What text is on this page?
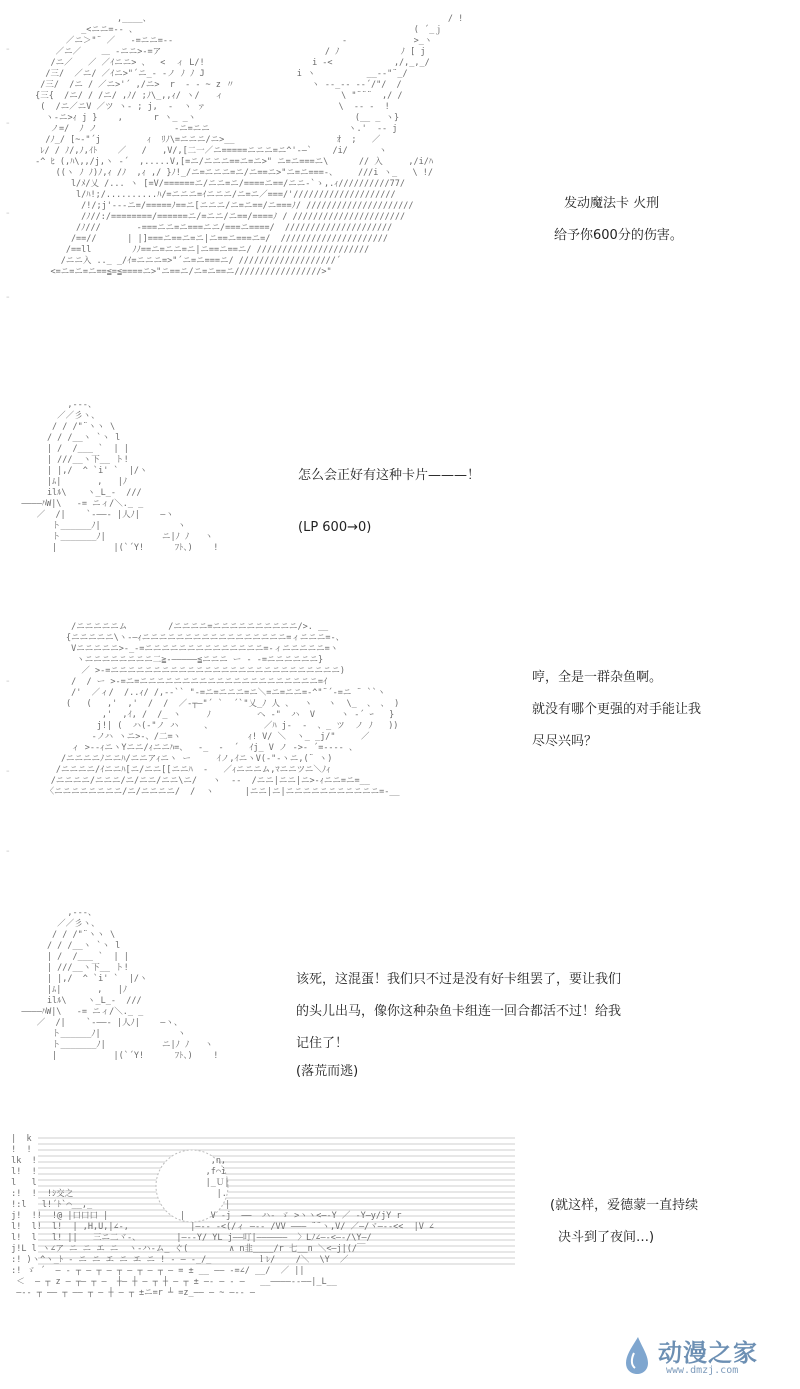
,____、                                                          / !
_<ニニ=-‐ 、                                                      ( ´_ｊ
／ニ＞"¨ ／   ‐=ニニ=--                                 -             >_ヽ
／ニ／    ＿ -ニニ>‐=ア                                / ﾉ            ﾉ [ j
/ニ／   ／ ／ｲニニ> 、  <  ィ L/!                     i -<            ,/,_,_/
/三/  ／ニ/ ／ｲニ>"´ニ_‐ ‐ノ ﾉ ﾉ J                  i ヽ          __-‐"¨_/
/三/  /ニ / ／ニ>'´ ,/ニ>  r  ‐ ‐ ~ z 〃               ヽ ‐‐_‐- -‐´/"/  /
{三{  /ニ/ / /ニ/ ,ﾉ/ ;ﾉ\_,,ｨ/ ヽ/   ィ                       \ "¨¨¨  ,/ /
(  /ニ／ニV ／ツ ヽ- ; j,  -  ヽ ァ                          \  -‐ -  !
ヽ-ニ>ｨ j }    ,      r ヽ_ _ヽ                               (__ _ ヽ}
ノ=/  ﾉ ノ               -ニ=ニニ                           ヽ.'  -‐ j
/ﾉ_/ [~-"´j         ｨ  ﾘﾉ\=ニニニ/ニ>__                    ｵ  ;   ／
ﾚ/ / ﾉ/,ﾉ,ｲﾄ    ／   /   ,V/,[二一／ニ=====ニニニ=ニ^'‐―`    /i/      ヽ
‐^ ﾋ (,ﾊ\,,/j,ヽ ‐´  ,.....V,[=ニ/ニニニ==ニ=ニ>" ニ=ニ===ニ\      // 入     ,/i/ﾊ
((ヽ ﾉ ﾉ)ﾉ,ｨ /ﾉ  ,ｨ ,/ }ﾉ!_/ニ=ニニニ=ニ/ニ==ニ>"ニ=ニ===-、    ///i ヽ_   \ !/
l/ﾒ/乂 /... ヽ [=V/======ニ/ニニ=ニ/====ニ==/ニニ-`ゝ,.ｨ//////////77/
l/ﾊ!;/..........ﾊ/=ニニニ=ｲニニニ/ニ=ニ／===/'////////////////////
/!/;j'---ニ=/=====ﾉ==ニ[ニニニ/ニ=ニ==/ニ===ﾉ/ /////////////////////
/ﾉ//:/========/======ニ/=ニニ/ニ==/====ﾉ / //////////////////////
/ﾉ///       ‐===ニニ=ニ===ニニ/===ニ====/  /////////////////////
/==//      | |]===ニ==ニ=ニ|ニ==ニ===ニ=/  /////////////////////
/==ll        ﾉﾉ==ニ=ニニ=ニ|ニ==ニ==ニ/ //////////////////////
/ニニ入 .._ _/ｲ=ニニニ=>"´ニ=ニ===ニ/ ///////////////////´
<=ニ=ニ=ニ==≦=≦====ニ>"ニ==ニ/ニ=ニ==ニ/////////////////>"

-
-
-
-
发动魔法卡 火刑
给予你600分的伤害。
,-‐-、
／／彡ヽ、
/ / /"¨ヽヽ \
/ / /__ヽ `ヽ l
| /  /___ `  | |
| ///__ヽ下__ ト!
| |,/  ^ `i' `  |/ヽ
|ﾑ|       ,   |ﾉ
ilﾙ\    ヽ_L_-  ///
――――ﾊW|\   -= ニィ/＼._ _
／  /|    `‐――‐ |人ﾉ|    ―ヽ
ト______ﾉ|               ヽ
ト_______ﾉ|           ニ|ﾉ ﾉ   ヽ
|           |(`´Y!      ﾌﾄ、)    !

怎么会正好有这种卡片———！
(LP 600→0)
/ニニニニニム        /ニニニニ=ニニニニニニニニニニ/>. __
{ニニニニニ\ヽ‐―ｨニニニニニニニニニニニニニニニニニ=ィニニニ=-、
Vニニニニニ>‐_‐=ニニニニニニニニニニニニニニ=‐ィニニニニニ=ヽ
ヽニニニニニニニニ二≧-―――――≦ニニニ ー ‐ ‐=ニニニニニニ}
／ >‐=ニニニニニニニニニニニニニニニニニニニニニニニニニニニ)
/  / ー >‐=ニ=ニニニニニニニニニニニニニニニニニニニニニ=ｲ
/'  ／ィ/  /..ｨ/ /,-‐`` "‐=ニ=ニニニ=ニ＼=ニ=ニニ=‐^"¨´‐=ニ ¨ ``ヽ
(   (   ,'  ,'  /  /  ／‐┬―"´ `  ´`"乂_ﾉ 人 、  ヽ   ヽ  \_  、 、 )
,'  ,ｲ, /  /_ ヽ     ﾉ         ヘ ‐"  ハ  V     ヽ ‐´ ｰ   }
j!| (  ハ(‐"ノ ハ     、          ／ﾊ j‐  ‐  、_ ツ  ノ ﾉ   ))
‐ノハ ヽニ>-、/二=ヽ             ｨ! V/ ＼  ヽ_ _j/"     ／
ィ >-‐ｨニヽYニニ/ｨニニﾊ=、  ‐_  -  ´  ｲj_ V ノ ‐>- ´=‐‐‐- 、
/ニニニニﾉニニﾊ/ニニアｨニヽ ー     ｲノ,ｲニヽV(‐"‐ヽニ,(¨ ヽ)
/ニニニニ/ｲニニﾊ[ニ/ニニ[[ニニﾊ  ‐   ／ｨニニニム,ﾏニニツニ＼ﾉｨ
/ニニニニ/ニニニ/ニ/ニニ/ニニ\ニ/   ヽ  ‐‐  /ニニ|ニニ|ニ>-ｨニニ=ニ=__
〈ニニニニニニニニ/ニ/ニニニニ/  /  ヽ      |ニニ|ニ|ニニニニニニニニニニニ=-__

-
-
-
哼，全是一群杂鱼啊。
就没有哪个更强的对手能让我
尽尽兴吗？
,-‐-、
／／彡ヽ、
/ / /"¨ヽヽ \
/ / /__ヽ `ヽ l
| /  /___ `  | |
| ///__ヽ下__ ト!
| |,/  ^ `i' `  |/ヽ
|ﾑ|       ,   |ﾉ
ilﾙ\    ヽ_L_-  ///
――――ﾊW|\   -= ニィ/＼._ _
／  /|    `‐――‐ |人ﾉ|    ―ヽ、
ト______ﾉ|               ヽ
ト_______ﾉ|           ニ|ﾉ ﾉ   ヽ
|           |(`´Y!      ﾌﾄ、)    !

该死，这混蛋！我们只不过是没有好卡组罢了，要让我们
的头儿出马，像你这种杂鱼卡组连一回合都活不过！给我
记住了！
(落荒而逃)
|  k
!  !
lk  !                                  ,n,
l!  !                                 ,f⌒i
l   l                                 |_Ｕ|
:!  !  !ｼ交之                            |.
!:l   l!´ﾄ`⌒__,_                          |
j!  !!  !@ |口口口 |              |     V ‐j  ――  ハ‐ ゞ >ヽヽ<―-Y ／ ‐Y―y/jY r
l!  l!  l!  | ,H,U,|∠‐,            |―‐‐ ‐<(/ィ ―‐‐ /VV ――― ¨¨ヽ,V/ ／―/ヾ―‐‐<<  |V ∠
l!  l   l! ||   三ニ二ヾ‐、       |―‐‐Y/ YL j――叮|――――――  〉Lﾉ∠―‐<―‐/\Y―/
j!L l ヽ∠ア ニ ニ エ ニ  ヽ‐ハ-ム_ ぐ(        ∧ n韭____/r 七__n ＼<―j|(/￣
:! )ヽ^ヽ_ﾄ ‐ ニ ニ エ ニ エ ニ ! ‐ ― ‐_/_         ｌﾚ/    /＼  \Y  ／
:! ゞ ´  ― ‐ ┬ ― ┬ ― ┬ ― ┬ ― ┬ ― = ± __ ―― ‐=∠/ __/  ／ ||
＜  ― ┬ z ― ┬― ┬ ―  ┼― ┼ ― ┬ ┼ ― ┬ ± ―‐ ― ‐ ―   __――――‐‐――|_L__
―‐‐ ┬ ―― ┬ ―― ┬ ― ┼ ― ┬ ±ニ=r ┴ =z_―― ― ~ ―‐‐ ―

(就这样，爱德蒙一直持续
决斗到了夜间…)
动漫之家
www.dmzj.com
